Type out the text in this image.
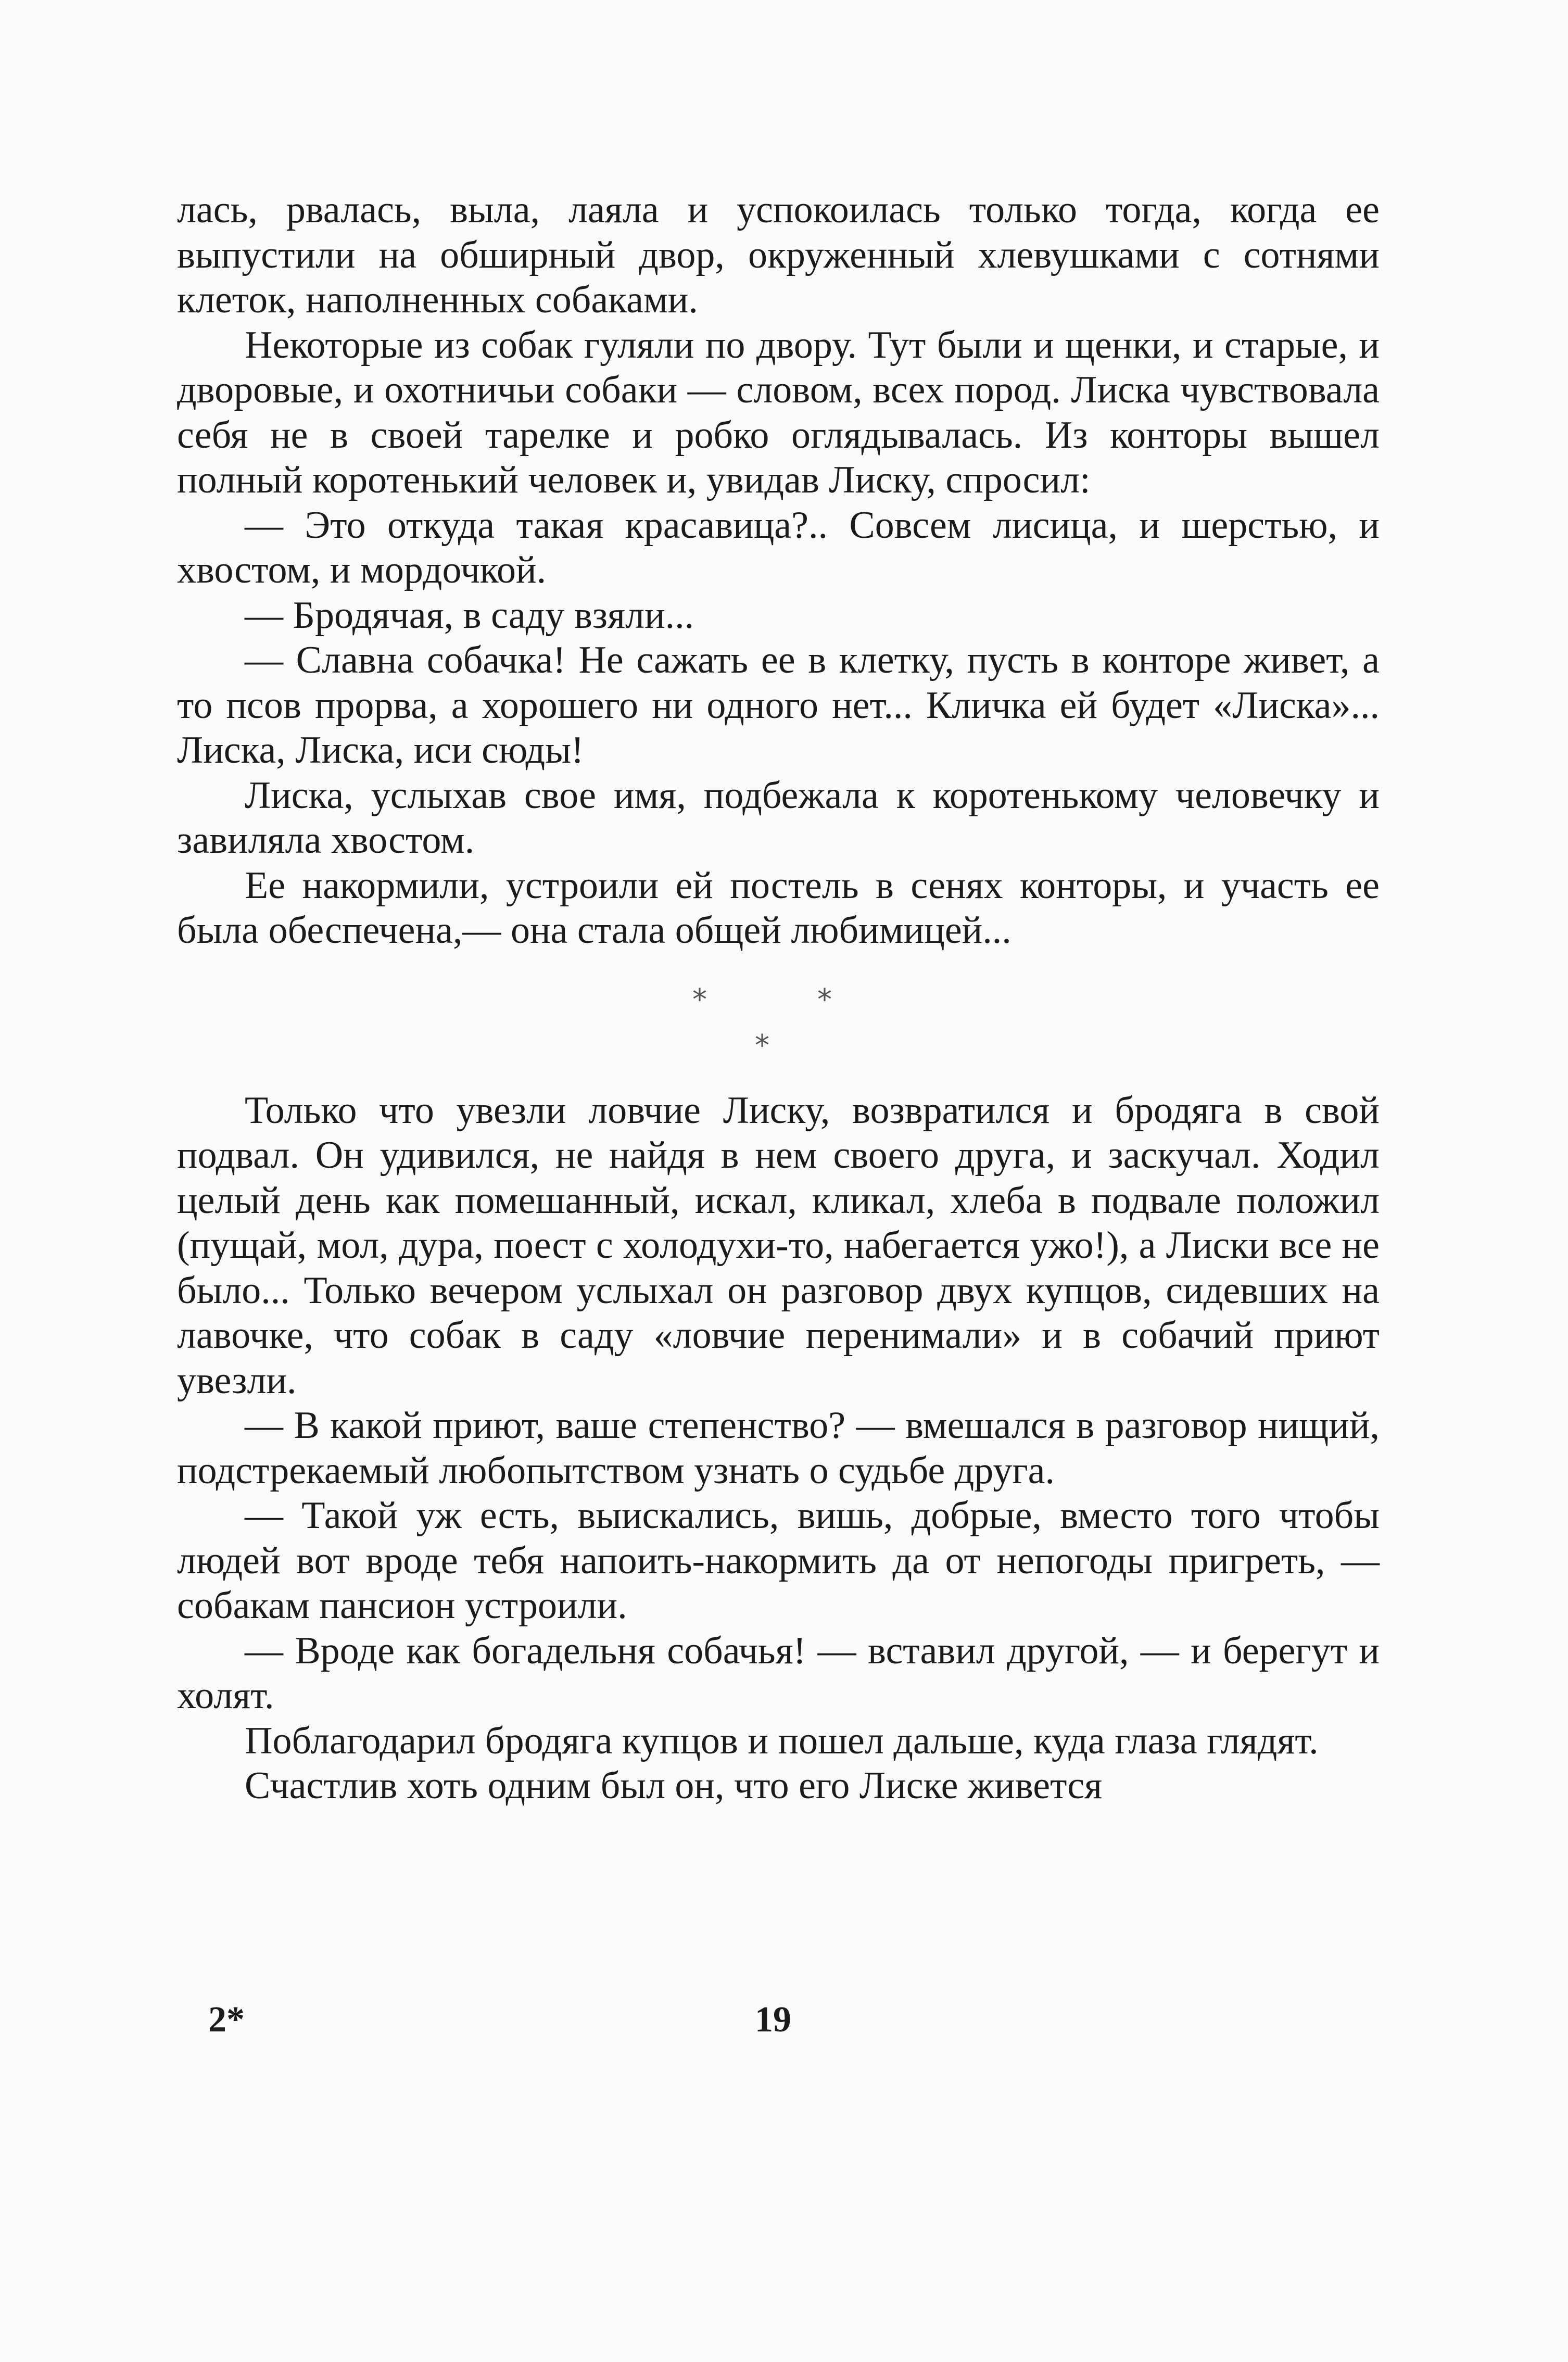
лась, рвалась, выла, лаяла и успокоилась только тогда, когда ее выпустили на обширный двор, окруженный хлевушками с сотнями клеток, наполненных собаками.

Некоторые из собак гуляли по двору. Тут были и щенки, и старые, и дворовые, и охотничьи собаки — словом, всех пород. Лиска чувствовала себя не в своей тарелке и робко оглядывалась. Из конторы вышел полный коротенький человек и, увидав Лиску, спросил:

— Это откуда такая красавица?.. Совсем лисица, и шерстью, и хвостом, и мордочкой.

— Бродячая, в саду взяли...

— Славна собачка! Не сажать ее в клетку, пусть в конторе живет, а то псов прорва, а хорошего ни одного нет... Кличка ей будет «Лиска»... Лиска, Лиска, иси сюды!

Лиска, услыхав свое имя, подбежала к коротенькому человечку и завиляла хвостом.

Ее накормили, устроили ей постель в сенях конторы, и участь ее была обеспечена,— она стала общей любимицей...

*	*
*

Только что увезли ловчие Лиску, возвратился и бродяга в свой подвал. Он удивился, не найдя в нем своего друга, и заскучал. Ходил целый день как помешанный, искал, кликал, хлеба в подвале положил (пущай, мол, дура, поест с холодухи-то, набегается ужо!), а Лиски все не было... Только вечером услыхал он разговор двух купцов, сидевших на лавочке, что собак в саду «ловчие перенимали» и в собачий приют увезли.

— В какой приют, ваше степенство? — вмешался в разговор нищий, подстрекаемый любопытством узнать о судьбе друга.

— Такой уж есть, выискались, вишь, добрые, вместо того чтобы людей вот вроде тебя напоить-накормить да от непогоды пригреть, — собакам пансион устроили.

— Вроде как богадельня собачья! — вставил другой, — и берегут и холят.

Поблагодарил бродяга купцов и пошел дальше, куда глаза глядят.

Счастлив хоть одним был он, что его Лиске живется

2*	19
